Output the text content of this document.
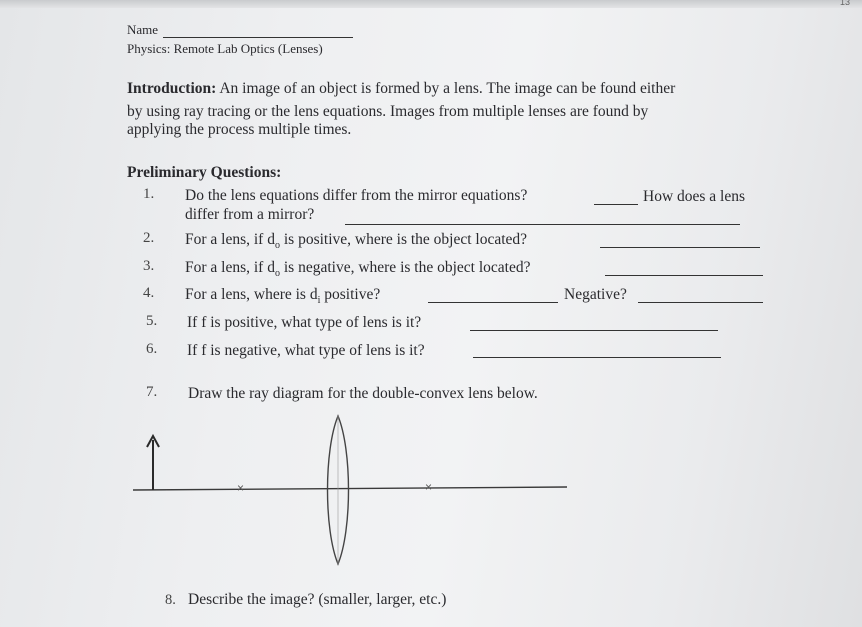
13
Name
Physics: Remote Lab Optics (Lenses)
Introduction: An image of an object is formed by a lens. The image can be found either
by using ray tracing or the lens equations. Images from multiple lenses are found by
applying the process multiple times.
Preliminary Questions:
1. Do the lens equations differ from the mirror equations?	How does a lens
differ from a mirror?
2. For a lens, if $d_o$ is positive, where is the object located?
3. For a lens, if $d_o$ is negative, where is the object located?
4. For a lens, where is $d_i$ positive?	Negative?
5. If f is positive, what type of lens is it?
6. If f is negative, what type of lens is it?
7. Draw the ray diagram for the double-convex lens below.
×	×
8. Describe the image? (smaller, larger, etc.)
